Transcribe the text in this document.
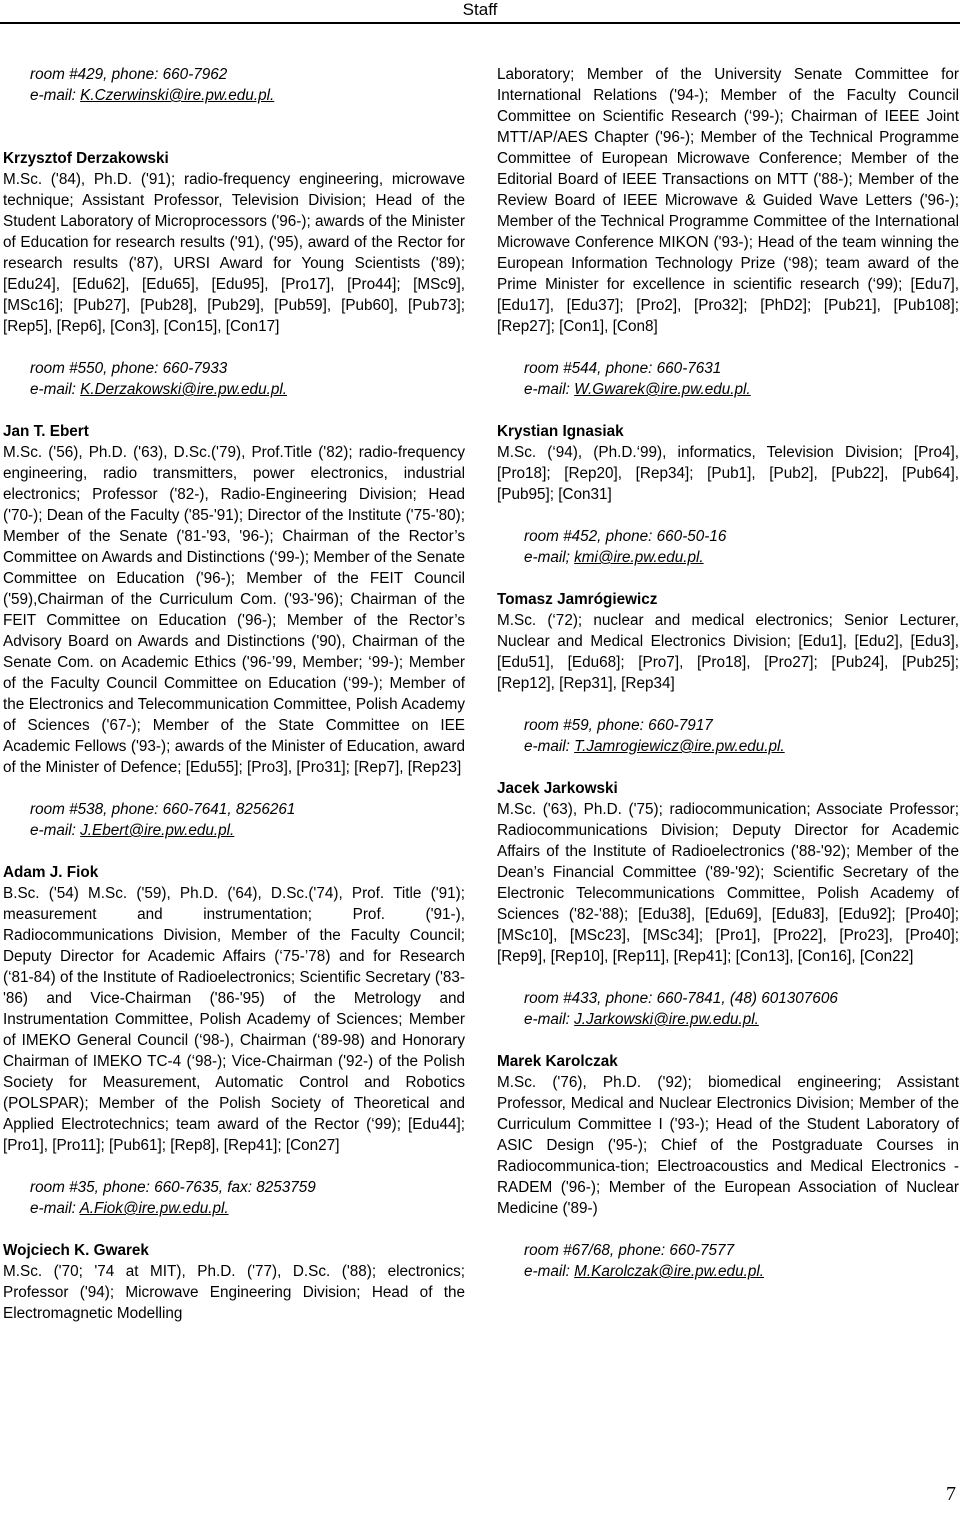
Staff

room #429, phone: 660-7962

e-mail: K.Czerwinski@ire.pw.edu.pl.

Krzysztof Derzakowski

M.Sc. ('84), Ph.D. ('91); radio-frequency engineering, microwave technique; Assistant Professor, Television Division; Head of the Student Laboratory of Microprocessors ('96-); awards of the Minister of Education for research results ('91), ('95), award of the Rector for research results ('87), URSI Award for Young Scientists ('89); [Edu24], [Edu62], [Edu65], [Edu95], [Pro17], [Pro44]; [MSc9], [MSc16]; [Pub27], [Pub28], [Pub29], [Pub59], [Pub60], [Pub73]; [Rep5], [Rep6], [Con3], [Con15], [Con17]

room #550, phone: 660-7933

e-mail: K.Derzakowski@ire.pw.edu.pl.

Jan T. Ebert

M.Sc. ('56), Ph.D. ('63), D.Sc.('79), Prof.Title ('82); radio-frequency engineering, radio transmitters, power electronics, industrial electronics; Professor ('82-), Radio-Engineering Division; Head ('70-); Dean of the Faculty ('85-'91); Director of the Institute ('75-'80); Member of the Senate ('81-'93, '96-); Chairman of the Rector’s Committee on Awards and Distinctions (‘99-); Member of the Senate Committee on Education ('96-); Member of the FEIT Council ('59),Chairman of the Curriculum Com. ('93-'96); Chairman of the FEIT Committee on Education ('96-); Member of the Rector’s Advisory Board on Awards and Distinctions ('90), Chairman of the Senate Com. on Academic Ethics ('96-’99, Member; ‘99-); Member of the Faculty Council Committee on Education (‘99-); Member of the Electronics and Telecommunication Committee, Polish Academy of Sciences ('67-); Member of the State Committee on IEE Academic Fellows ('93-); awards of the Minister of Education, award of the Minister of Defence; [Edu55]; [Pro3], [Pro31]; [Rep7], [Rep23]

room #538, phone: 660-7641, 8256261

e-mail: J.Ebert@ire.pw.edu.pl.

Adam J. Fiok

B.Sc. ('54) M.Sc. ('59), Ph.D. ('64), D.Sc.('74), Prof. Title ('91); measurement and instrumentation; Prof. ('91-), Radiocommunications Division, Member of the Faculty Council; Deputy Director for Academic Affairs (‘75-’78) and for Research (‘81-84) of the Institute of Radioelectronics; Scientific Secretary ('83-'86) and Vice-Chairman ('86-'95) of the Metrology and Instrumentation Committee, Polish Academy of Sciences; Member of IMEKO General Council (‘98-), Chairman (‘89-98) and Honorary Chairman of IMEKO TC-4 (‘98-); Vice-Chairman ('92-) of the Polish Society for Measurement, Automatic Control and Robotics (POLSPAR); Member of the Polish Society of Theoretical and Applied Electrotechnics; team award of the Rector (‘99); [Edu44]; [Pro1], [Pro11]; [Pub61]; [Rep8], [Rep41]; [Con27]

room #35, phone: 660-7635, fax: 8253759

e-mail: A.Fiok@ire.pw.edu.pl.

Wojciech K. Gwarek

M.Sc. ('70; '74 at MIT), Ph.D. ('77), D.Sc. ('88); electronics; Professor ('94); Microwave Engineering Division; Head of the Electromagnetic Modelling

Laboratory; Member of the University Senate Committee for International Relations ('94-); Member of the Faculty Council Committee on Scientific Research (‘99-); Chairman of IEEE Joint MTT/AP/AES Chapter ('96-); Member of the Technical Programme Committee of European Microwave Conference; Member of the Editorial Board of IEEE Transactions on MTT ('88-); Member of the Review Board of IEEE Microwave & Guided Wave Letters ('96-); Member of the Technical Programme Committee of the International Microwave Conference MIKON ('93-); Head of the team winning the European Information Technology Prize (‘98); team award of the Prime Minister for excellence in scientific research (‘99); [Edu7], [Edu17], [Edu37]; [Pro2], [Pro32]; [PhD2]; [Pub21], [Pub108]; [Rep27]; [Con1], [Con8]

room #544, phone: 660-7631

e-mail: W.Gwarek@ire.pw.edu.pl.

Krystian Ignasiak

M.Sc. (‘94), (Ph.D.‘99), informatics, Television Division; [Pro4], [Pro18]; [Rep20], [Rep34]; [Pub1], [Pub2], [Pub22], [Pub64], [Pub95]; [Con31]

room #452, phone: 660-50-16

e-mail; kmi@ire.pw.edu.pl.

Tomasz Jamrógiewicz

M.Sc. (‘72); nuclear and medical electronics; Senior Lecturer, Nuclear and Medical Electronics Division; [Edu1], [Edu2], [Edu3], [Edu51], [Edu68]; [Pro7], [Pro18], [Pro27]; [Pub24], [Pub25]; [Rep12], [Rep31], [Rep34]

room #59, phone: 660-7917

e-mail: T.Jamrogiewicz@ire.pw.edu.pl.

Jacek Jarkowski

M.Sc. ('63), Ph.D. ('75); radiocommunication; Associate Professor; Radiocommunications Division; Deputy Director for Academic Affairs of the Institute of Radioelectronics ('88-'92); Member of the Dean’s Financial Committee ('89-'92); Scientific Secretary of the Electronic Telecommunications Committee, Polish Academy of Sciences ('82-'88); [Edu38], [Edu69], [Edu83], [Edu92]; [Pro40]; [MSc10], [MSc23], [MSc34]; [Pro1], [Pro22], [Pro23], [Pro40]; [Rep9], [Rep10], [Rep11], [Rep41]; [Con13], [Con16], [Con22]

room #433, phone: 660-7841, (48) 601307606

e-mail: J.Jarkowski@ire.pw.edu.pl.

Marek Karolczak

M.Sc. ('76), Ph.D. ('92); biomedical engineering; Assistant Professor, Medical and Nuclear Electronics Division; Member of the Curriculum Committee I ('93-); Head of the Student Laboratory of ASIC Design ('95-); Chief of the Postgraduate Courses in Radiocommunica-tion; Electroacoustics and Medical Electronics - RADEM ('96-); Member of the European Association of Nuclear Medicine ('89-)

room #67/68, phone: 660-7577

e-mail: M.Karolczak@ire.pw.edu.pl.

7
